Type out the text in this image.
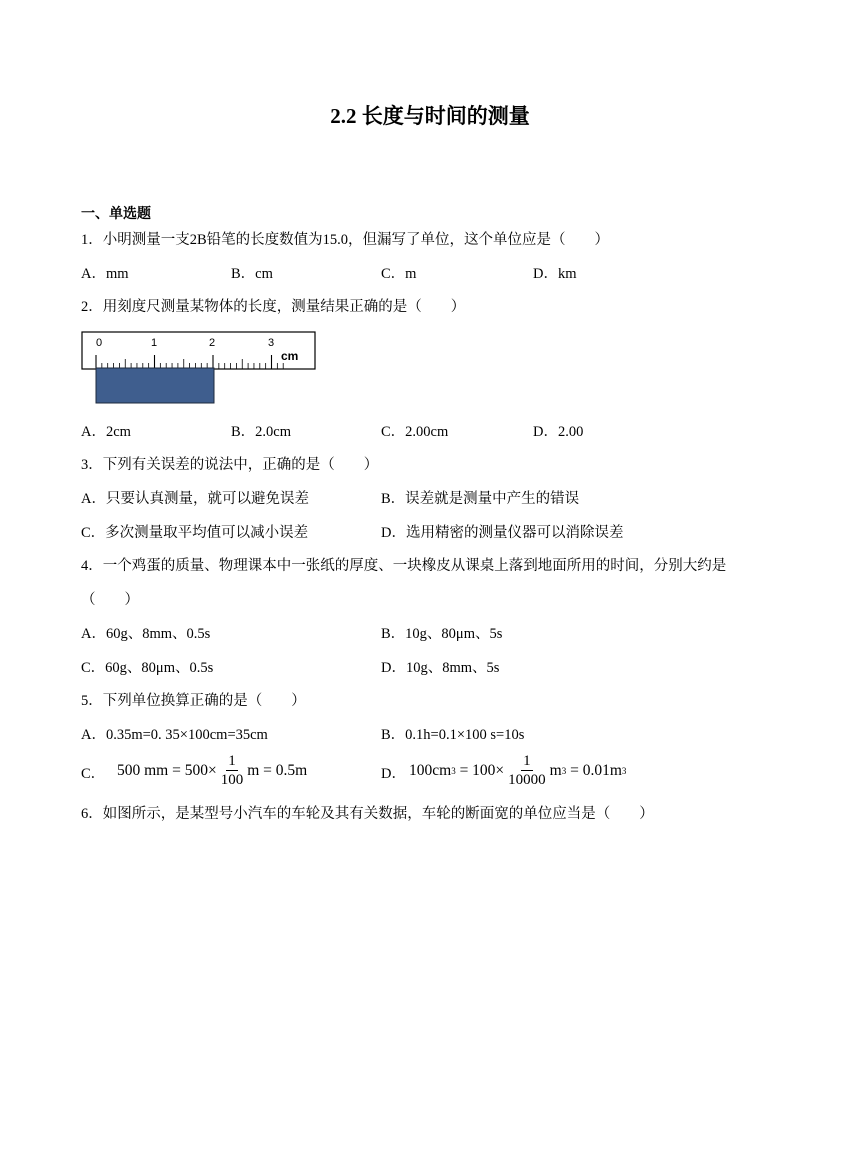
2.2 长度与时间的测量
一、单选题
1．小明测量一支2B铅笔的长度数值为15.0，但漏写了单位，这个单位应是（　　）
A．mm	B．cm	C．m	D．km
2．用刻度尺测量某物体的长度，测量结果正确的是（　　）
0	1	2	3
cm
A．2cm	B．2.0cm	C．2.00cm	D．2.00
3．下列有关误差的说法中，正确的是（　　）
A．只要认真测量，就可以避免误差	B．误差就是测量中产生的错误
C．多次测量取平均值可以减小误差	D．选用精密的测量仪器可以消除误差
4．一个鸡蛋的质量、物理课本中一张纸的厚度、一块橡皮从课桌上落到地面所用的时间，分别大约是
（　　）
A．60g、8mm、0.5s	B．10g、80μm、5s
C．60g、80μm、0.5s	D．10g、8mm、5s
5．下列单位换算正确的是（　　）
A．0.35m=0. 35×100cm=35cm	B．0.1h=0.1×100 s=10s
C． 500 mm = $500\times \frac{1}{100}$ m = 0.5m	D． 100cm $3 = 100\times \frac{1}{10000}$ m 3 = 0.01m 3
6．如图所示，是某型号小汽车的车轮及其有关数据，车轮的断面宽的单位应当是（　　）
